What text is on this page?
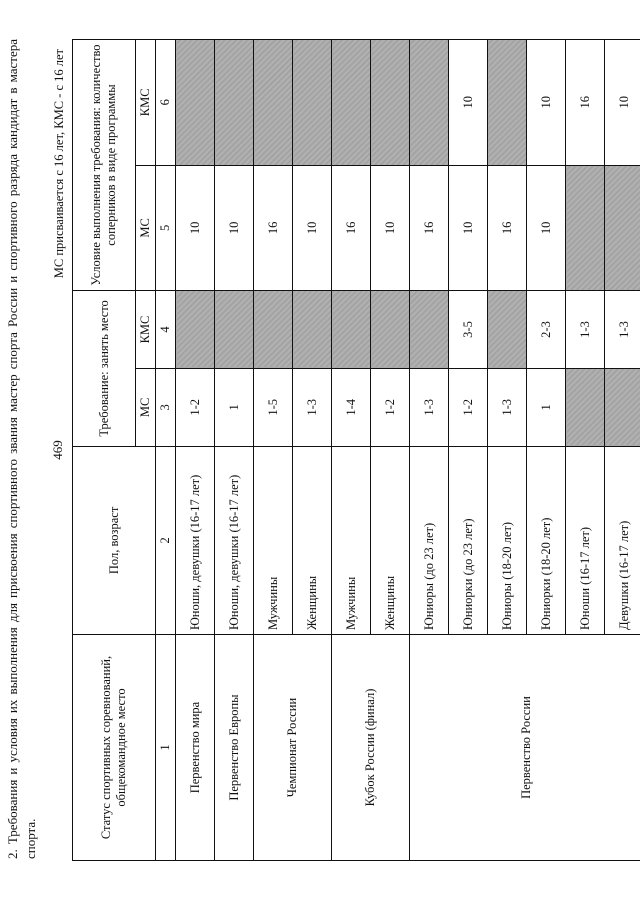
469
2. Требования и условия их выполнения для присвоения спортивного звания мастер спорта России и спортивного разряда кандидат в мастера спорта.
МС присваивается с 16 лет, КМС - с 16 лет
Статус спортивных соревнований, общекомандное место	Пол, возраст	Требование: занять место		Условие выполнения требования: количество соперников в виде программы	
		МС	КМС	МС	КМС
1	2	3	4	5	6
Первенство мира	Юноши, девушки (16-17 лет)	1-2		10	
Первенство Европы	Юноши, девушки (16-17 лет)	1		10	
Чемпионат России	Мужчины	1-5		16	
	Женщины	1-3		10	
Кубок России (финал)	Мужчины	1-4		16	
	Женщины	1-2		10	
Первенство России	Юниоры (до 23 лет)	1-3		16	
	Юниорки (до 23 лет)	1-2	3-5	10	10
	Юниоры (18-20 лет)	1-3		16	
	Юниорки (18-20 лет)	1	2-3	10	10
	Юноши (16-17 лет)		1-3		16
	Девушки (16-17 лет)		1-3		10
